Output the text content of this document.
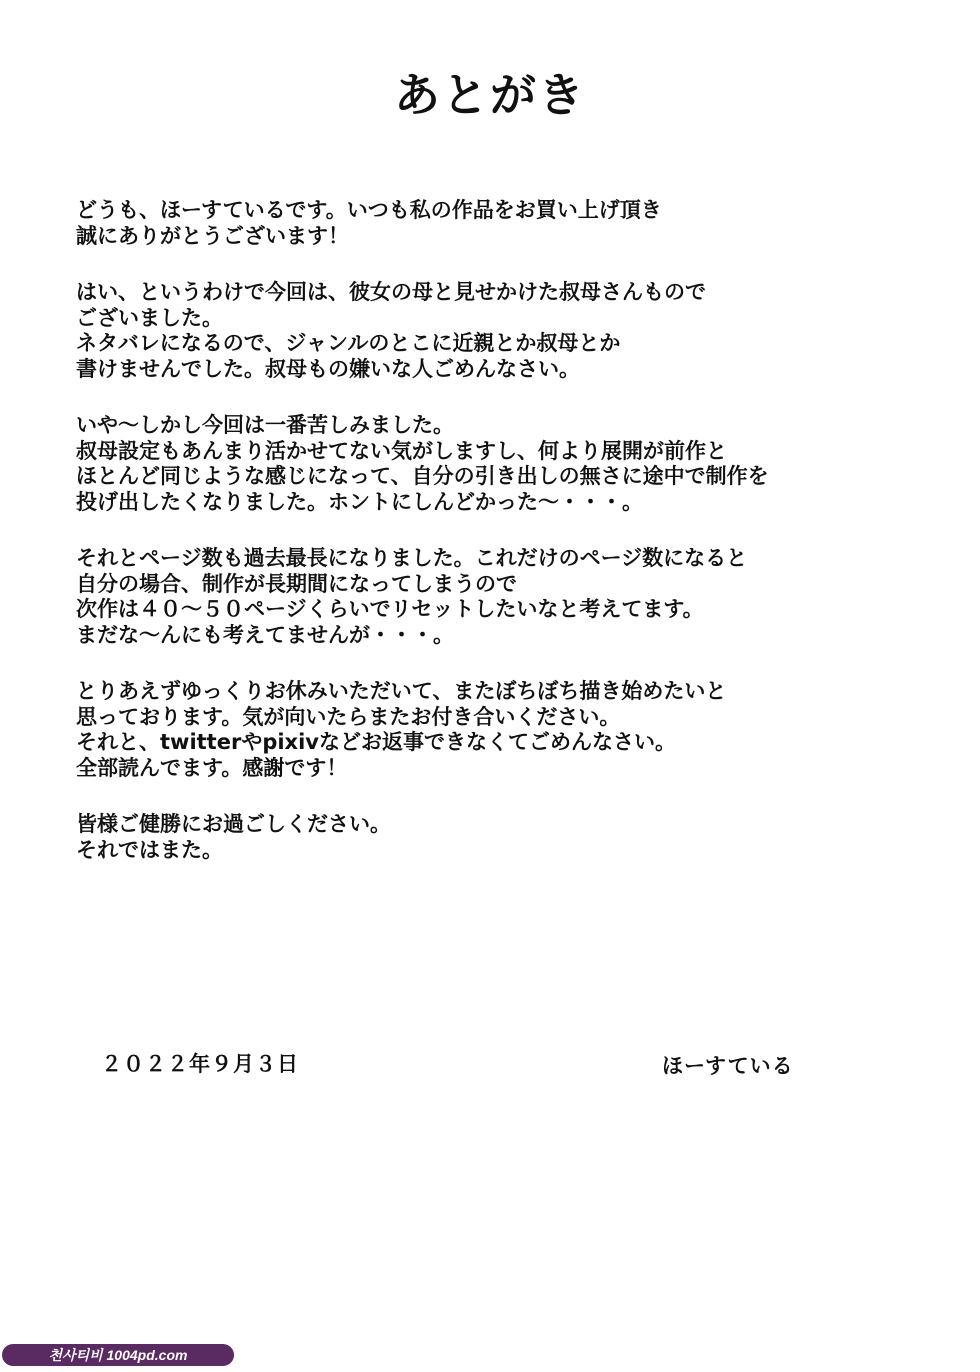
あとがき
どうも、ほーすているです。いつも私の作品をお買い上げ頂き
誠にありがとうございます！
はい、というわけで今回は、彼女の母と見せかけた叔母さんもので
ございました。
ネタバレになるので、ジャンルのとこに近親とか叔母とか
書けませんでした。叔母もの嫌いな人ごめんなさい。
いや～しかし今回は一番苦しみました。
叔母設定もあんまり活かせてない気がしますし、何より展開が前作と
ほとんど同じような感じになって、自分の引き出しの無さに途中で制作を
投げ出したくなりました。ホントにしんどかった～・・・。
それとページ数も過去最長になりました。これだけのページ数になると
自分の場合、制作が長期間になってしまうので
次作は４０～５０ページくらいでリセットしたいなと考えてます。
まだな～んにも考えてませんが・・・。
とりあえずゆっくりお休みいただいて、またぼちぼち描き始めたいと
思っております。気が向いたらまたお付き合いください。
それと、twitterやpixivなどお返事できなくてごめんなさい。
全部読んでます。感謝です！
皆様ご健勝にお過ごしください。
それではまた。
２０２２年９月３日	ほーすている
천사티비 1004pd.com
